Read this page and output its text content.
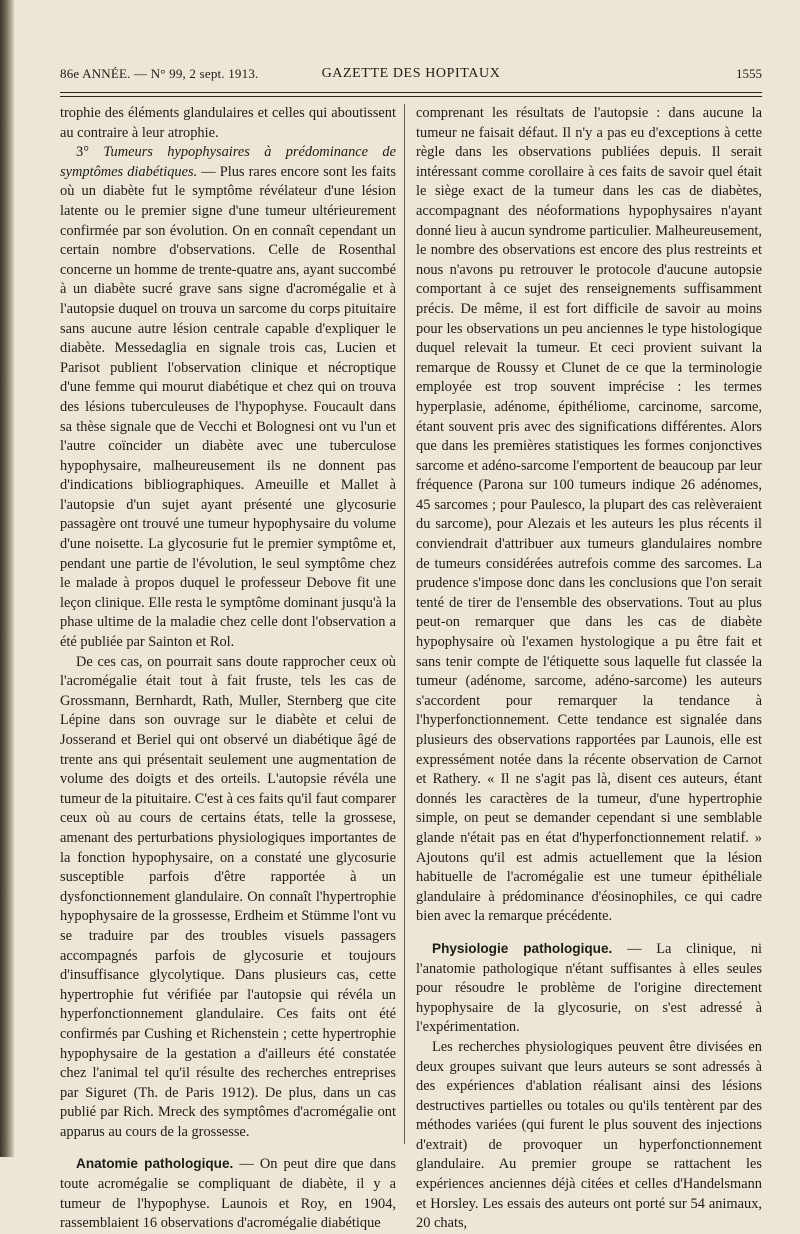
86e ANNÉE. — N° 99, 2 sept. 1913.	GAZETTE DES HOPITAUX	1555

trophie des éléments glandulaires et celles qui aboutissent au contraire à leur atrophie.

3° Tumeurs hypophysaires à prédominance de symptômes diabétiques. — Plus rares encore sont les faits où un diabète fut le symptôme révélateur d'une lésion latente ou le premier signe d'une tumeur ultérieurement confirmée par son évolution. On en connaît cependant un certain nombre d'observations. Celle de Rosenthal concerne un homme de trente-quatre ans, ayant succombé à un diabète sucré grave sans signe d'acromégalie et à l'autopsie duquel on trouva un sarcome du corps pituitaire sans aucune autre lésion centrale capable d'expliquer le diabète. Messedaglia en signale trois cas, Lucien et Parisot publient l'observation clinique et nécroptique d'une femme qui mourut diabétique et chez qui on trouva des lésions tuberculeuses de l'hypophyse. Foucault dans sa thèse signale que de Vecchi et Bolognesi ont vu l'un et l'autre coïncider un diabète avec une tuberculose hypophysaire, malheureusement ils ne donnent pas d'indications bibliographiques. Ameuille et Mallet à l'autopsie d'un sujet ayant présenté une glycosurie passagère ont trouvé une tumeur hypophysaire du volume d'une noisette. La glycosurie fut le premier symptôme et, pendant une partie de l'évolution, le seul symptôme chez le malade à propos duquel le professeur Debove fit une leçon clinique. Elle resta le symptôme dominant jusqu'à la phase ultime de la maladie chez celle dont l'observation a été publiée par Sainton et Rol.

De ces cas, on pourrait sans doute rapprocher ceux où l'acromégalie était tout à fait fruste, tels les cas de Grossmann, Bernhardt, Rath, Muller, Sternberg que cite Lépine dans son ouvrage sur le diabète et celui de Josserand et Beriel qui ont observé un diabétique âgé de trente ans qui présentait seulement une augmentation de volume des doigts et des orteils. L'autopsie révéla une tumeur de la pituitaire. C'est à ces faits qu'il faut comparer ceux où au cours de certains états, telle la grossese, amenant des perturbations physiologiques importantes de la fonction hypophysaire, on a constaté une glycosurie susceptible parfois d'être rapportée à un dysfonctionnement glandulaire. On connaît l'hypertrophie hypophysaire de la grossesse, Erdheim et Stümme l'ont vu se traduire par des troubles visuels passagers accompagnés parfois de glycosurie et toujours d'insuffisance glycolytique. Dans plusieurs cas, cette hypertrophie fut vérifiée par l'autopsie qui révéla un hyperfonctionnement glandulaire. Ces faits ont été confirmés par Cushing et Richenstein ; cette hypertrophie hypophysaire de la gestation a d'ailleurs été constatée chez l'animal tel qu'il résulte des recherches entreprises par Siguret (Th. de Paris 1912). De plus, dans un cas publié par Rich. Mreck des symptômes d'acromégalie ont apparus au cours de la grossesse.

Anatomie pathologique. — On peut dire que dans toute acromégalie se compliquant de diabète, il y a tumeur de l'hypophyse. Launois et Roy, en 1904, rassemblaient 16 observations d'acromégalie diabétique

comprenant les résultats de l'autopsie : dans aucune la tumeur ne faisait défaut. Il n'y a pas eu d'exceptions à cette règle dans les observations publiées depuis. Il serait intéressant comme corollaire à ces faits de savoir quel était le siège exact de la tumeur dans les cas de diabètes, accompagnant des néoformations hypophysaires n'ayant donné lieu à aucun syndrome particulier. Malheureusement, le nombre des observations est encore des plus restreints et nous n'avons pu retrouver le protocole d'aucune autopsie comportant à ce sujet des renseignements suffisamment précis. De même, il est fort difficile de savoir au moins pour les observations un peu anciennes le type histologique duquel relevait la tumeur. Et ceci provient suivant la remarque de Roussy et Clunet de ce que la terminologie employée est trop souvent imprécise : les termes hyperplasie, adénome, épithéliome, carcinome, sarcome, étant souvent pris avec des significations différentes. Alors que dans les premières statistiques les formes conjonctives sarcome et adéno-sarcome l'emportent de beaucoup par leur fréquence (Parona sur 100 tumeurs indique 26 adénomes, 45 sarcomes ; pour Paulesco, la plupart des cas relèveraient du sarcome), pour Alezais et les auteurs les plus récents il conviendrait d'attribuer aux tumeurs glandulaires nombre de tumeurs considérées autrefois comme des sarcomes. La prudence s'impose donc dans les conclusions que l'on serait tenté de tirer de l'ensemble des observations. Tout au plus peut-on remarquer que dans les cas de diabète hypophysaire où l'examen hystologique a pu être fait et sans tenir compte de l'étiquette sous laquelle fut classée la tumeur (adénome, sarcome, adéno-sarcome) les auteurs s'accordent pour remarquer la tendance à l'hyperfonctionnement. Cette tendance est signalée dans plusieurs des observations rapportées par Launois, elle est expressément notée dans la récente observation de Carnot et Rathery. « Il ne s'agit pas là, disent ces auteurs, étant donnés les caractères de la tumeur, d'une hypertrophie simple, on peut se demander cependant si une semblable glande n'était pas en état d'hyperfonctionnement relatif. » Ajoutons qu'il est admis actuellement que la lésion habituelle de l'acromégalie est une tumeur épithéliale glandulaire à prédominance d'éosinophiles, ce qui cadre bien avec la remarque précédente.

Physiologie pathologique. — La clinique, ni l'anatomie pathologique n'étant suffisantes à elles seules pour résoudre le problème de l'origine directement hypophysaire de la glycosurie, on s'est adressé à l'expérimentation.

Les recherches physiologiques peuvent être divisées en deux groupes suivant que leurs auteurs se sont adressés à des expériences d'ablation réalisant ainsi des lésions destructives partielles ou totales ou qu'ils tentèrent par des méthodes variées (qui furent le plus souvent des injections d'extrait) de provoquer un hyperfonctionnement glandulaire. Au premier groupe se rattachent les expériences anciennes déjà citées et celles d'Handelsmann et Horsley. Les essais des auteurs ont porté sur 54 animaux, 20 chats,
